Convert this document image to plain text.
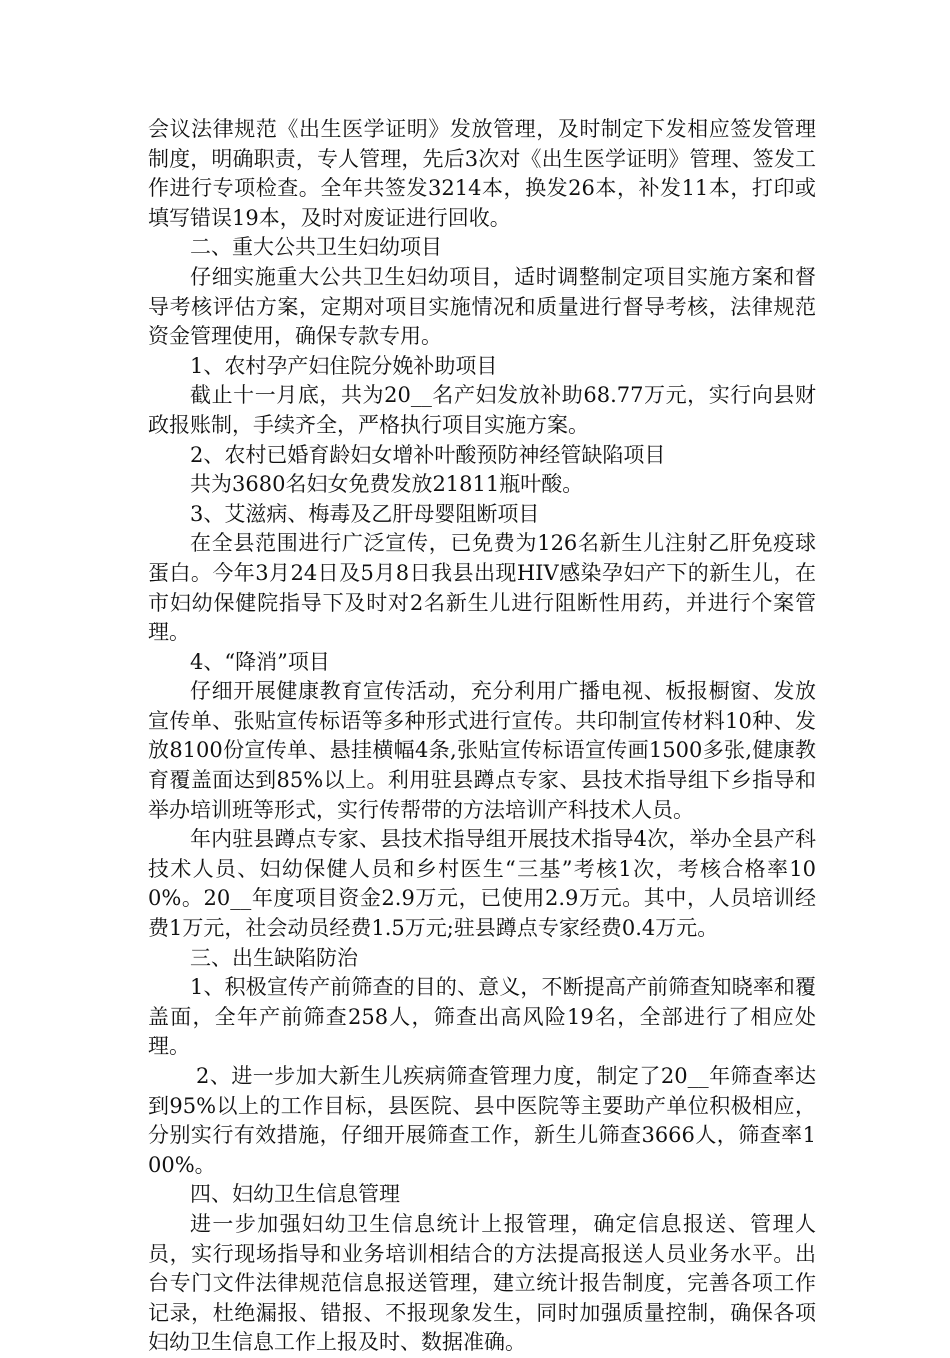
会议法律规范《出生医学证明》发放管理，及时制定下发相应签发管理制度，明确职责，专人管理，先后3次对《出生医学证明》管理、签发工作进行专项检查。全年共签发3214本，换发26本，补发11本，打印或填写错误19本，及时对废证进行回收。

二、重大公共卫生妇幼项目

仔细实施重大公共卫生妇幼项目，适时调整制定项目实施方案和督导考核评估方案，定期对项目实施情况和质量进行督导考核，法律规范资金管理使用，确保专款专用。

1、农村孕产妇住院分娩补助项目

截止十一月底，共为20__名产妇发放补助68.77万元，实行向县财政报账制，手续齐全，严格执行项目实施方案。

2、农村已婚育龄妇女增补叶酸预防神经管缺陷项目

共为3680名妇女免费发放21811瓶叶酸。

3、艾滋病、梅毒及乙肝母婴阻断项目

在全县范围进行广泛宣传，已免费为126名新生儿注射乙肝免疫球蛋白。今年3月24日及5月8日我县出现HIV感染孕妇产下的新生儿，在市妇幼保健院指导下及时对2名新生儿进行阻断性用药，并进行个案管理。

4、“降消”项目

仔细开展健康教育宣传活动，充分利用广播电视、板报橱窗、发放宣传单、张贴宣传标语等多种形式进行宣传。共印制宣传材料10种、发放8100份宣传单、悬挂横幅4条,张贴宣传标语宣传画1500多张,健康教育覆盖面达到85%以上。利用驻县蹲点专家、县技术指导组下乡指导和举办培训班等形式，实行传帮带的方法培训产科技术人员。

年内驻县蹲点专家、县技术指导组开展技术指导4次，举办全县产科技术人员、妇幼保健人员和乡村医生“三基”考核1次，考核合格率100%。20__年度项目资金2.9万元，已使用2.9万元。其中，人员培训经费1万元，社会动员经费1.5万元;驻县蹲点专家经费0.4万元。

三、出生缺陷防治

1、积极宣传产前筛查的目的、意义，不断提高产前筛查知晓率和覆盖面，全年产前筛查258人，筛查出高风险19名，全部进行了相应处理。

2、进一步加大新生儿疾病筛查管理力度，制定了20__年筛查率达到95%以上的工作目标，县医院、县中医院等主要助产单位积极相应，分别实行有效措施，仔细开展筛查工作，新生儿筛查3666人，筛查率100%。

四、妇幼卫生信息管理

进一步加强妇幼卫生信息统计上报管理，确定信息报送、管理人员，实行现场指导和业务培训相结合的方法提高报送人员业务水平。出台专门文件法律规范信息报送管理，建立统计报告制度，完善各项工作记录，杜绝漏报、错报、不报现象发生，同时加强质量控制，确保各项妇幼卫生信息工作上报及时、数据准确。
